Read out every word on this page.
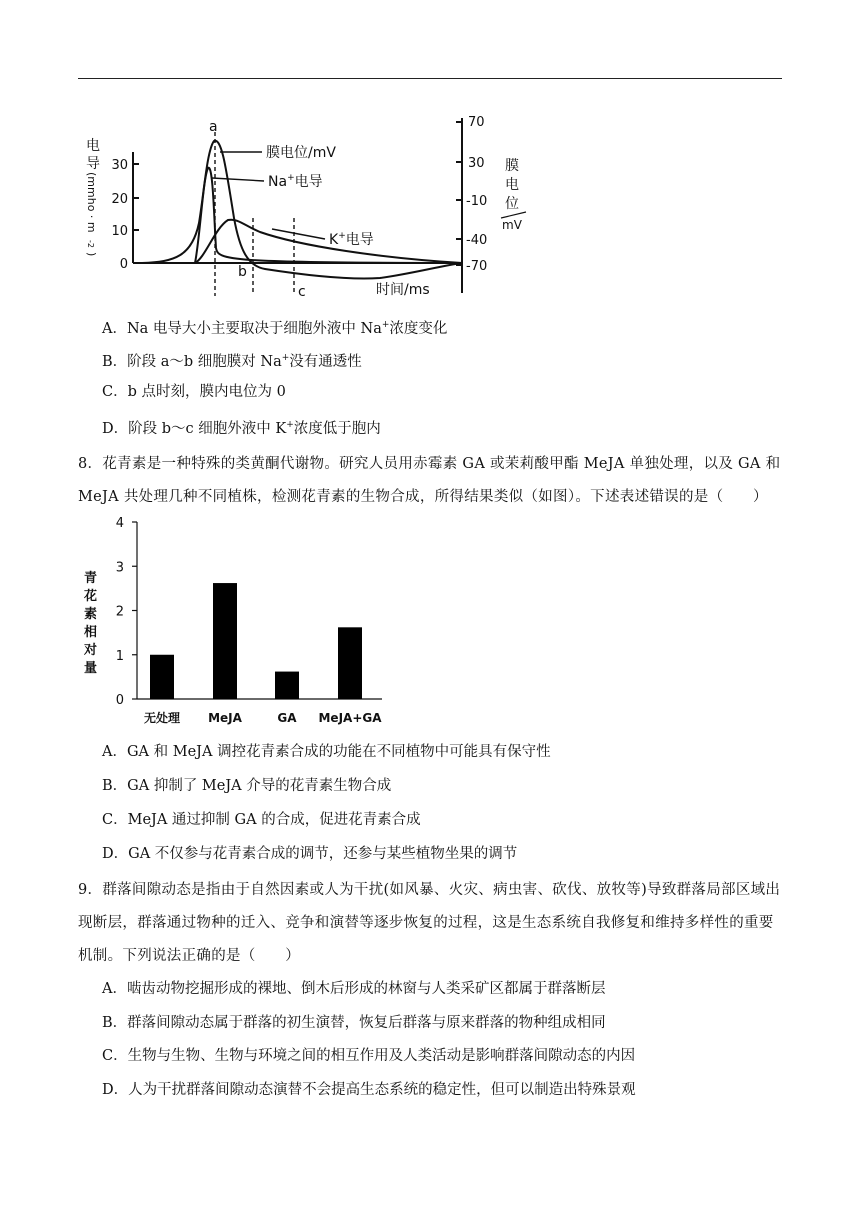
电
导
(mmho · m
-2
)
30
20
10
0
70
30
-10
-40
-70
膜
电
位
mV
时间/ms
a
b
c
膜电位/mV
Na+电导
K+电导
A．Na 电导大小主要取决于细胞外液中 Na+浓度变化
B．阶段 a～b 细胞膜对 Na+没有通透性
C．b 点时刻，膜内电位为 0
D．阶段 b～c 细胞外液中 K+浓度低于胞内
8．花青素是一种特殊的类黄酮代谢物。研究人员用赤霉素 GA 或茉莉酸甲酯 MeJA 单独处理，以及 GA 和 MeJA 共处理几种不同植株，检测花青素的生物合成，所得结果类似（如图）。下述表述错误的是（　　）
青
花
素
相
对
量
0
1
2
3
4
无处理 MeJA	GA MeJA+GA
A．GA 和 MeJA 调控花青素合成的功能在不同植物中可能具有保守性
B．GA 抑制了 MeJA 介导的花青素生物合成
C．MeJA 通过抑制 GA 的合成，促进花青素合成
D．GA 不仅参与花青素合成的调节，还参与某些植物坐果的调节
9．群落间隙动态是指由于自然因素或人为干扰(如风暴、火灾、病虫害、砍伐、放牧等)导致群落局部区域出现断层，群落通过物种的迁入、竞争和演替等逐步恢复的过程，这是生态系统自我修复和维持多样性的重要机制。下列说法正确的是（　　）
A．啮齿动物挖掘形成的裸地、倒木后形成的林窗与人类采矿区都属于群落断层
B．群落间隙动态属于群落的初生演替，恢复后群落与原来群落的物种组成相同
C．生物与生物、生物与环境之间的相互作用及人类活动是影响群落间隙动态的内因
D．人为干扰群落间隙动态演替不会提高生态系统的稳定性，但可以制造出特殊景观
